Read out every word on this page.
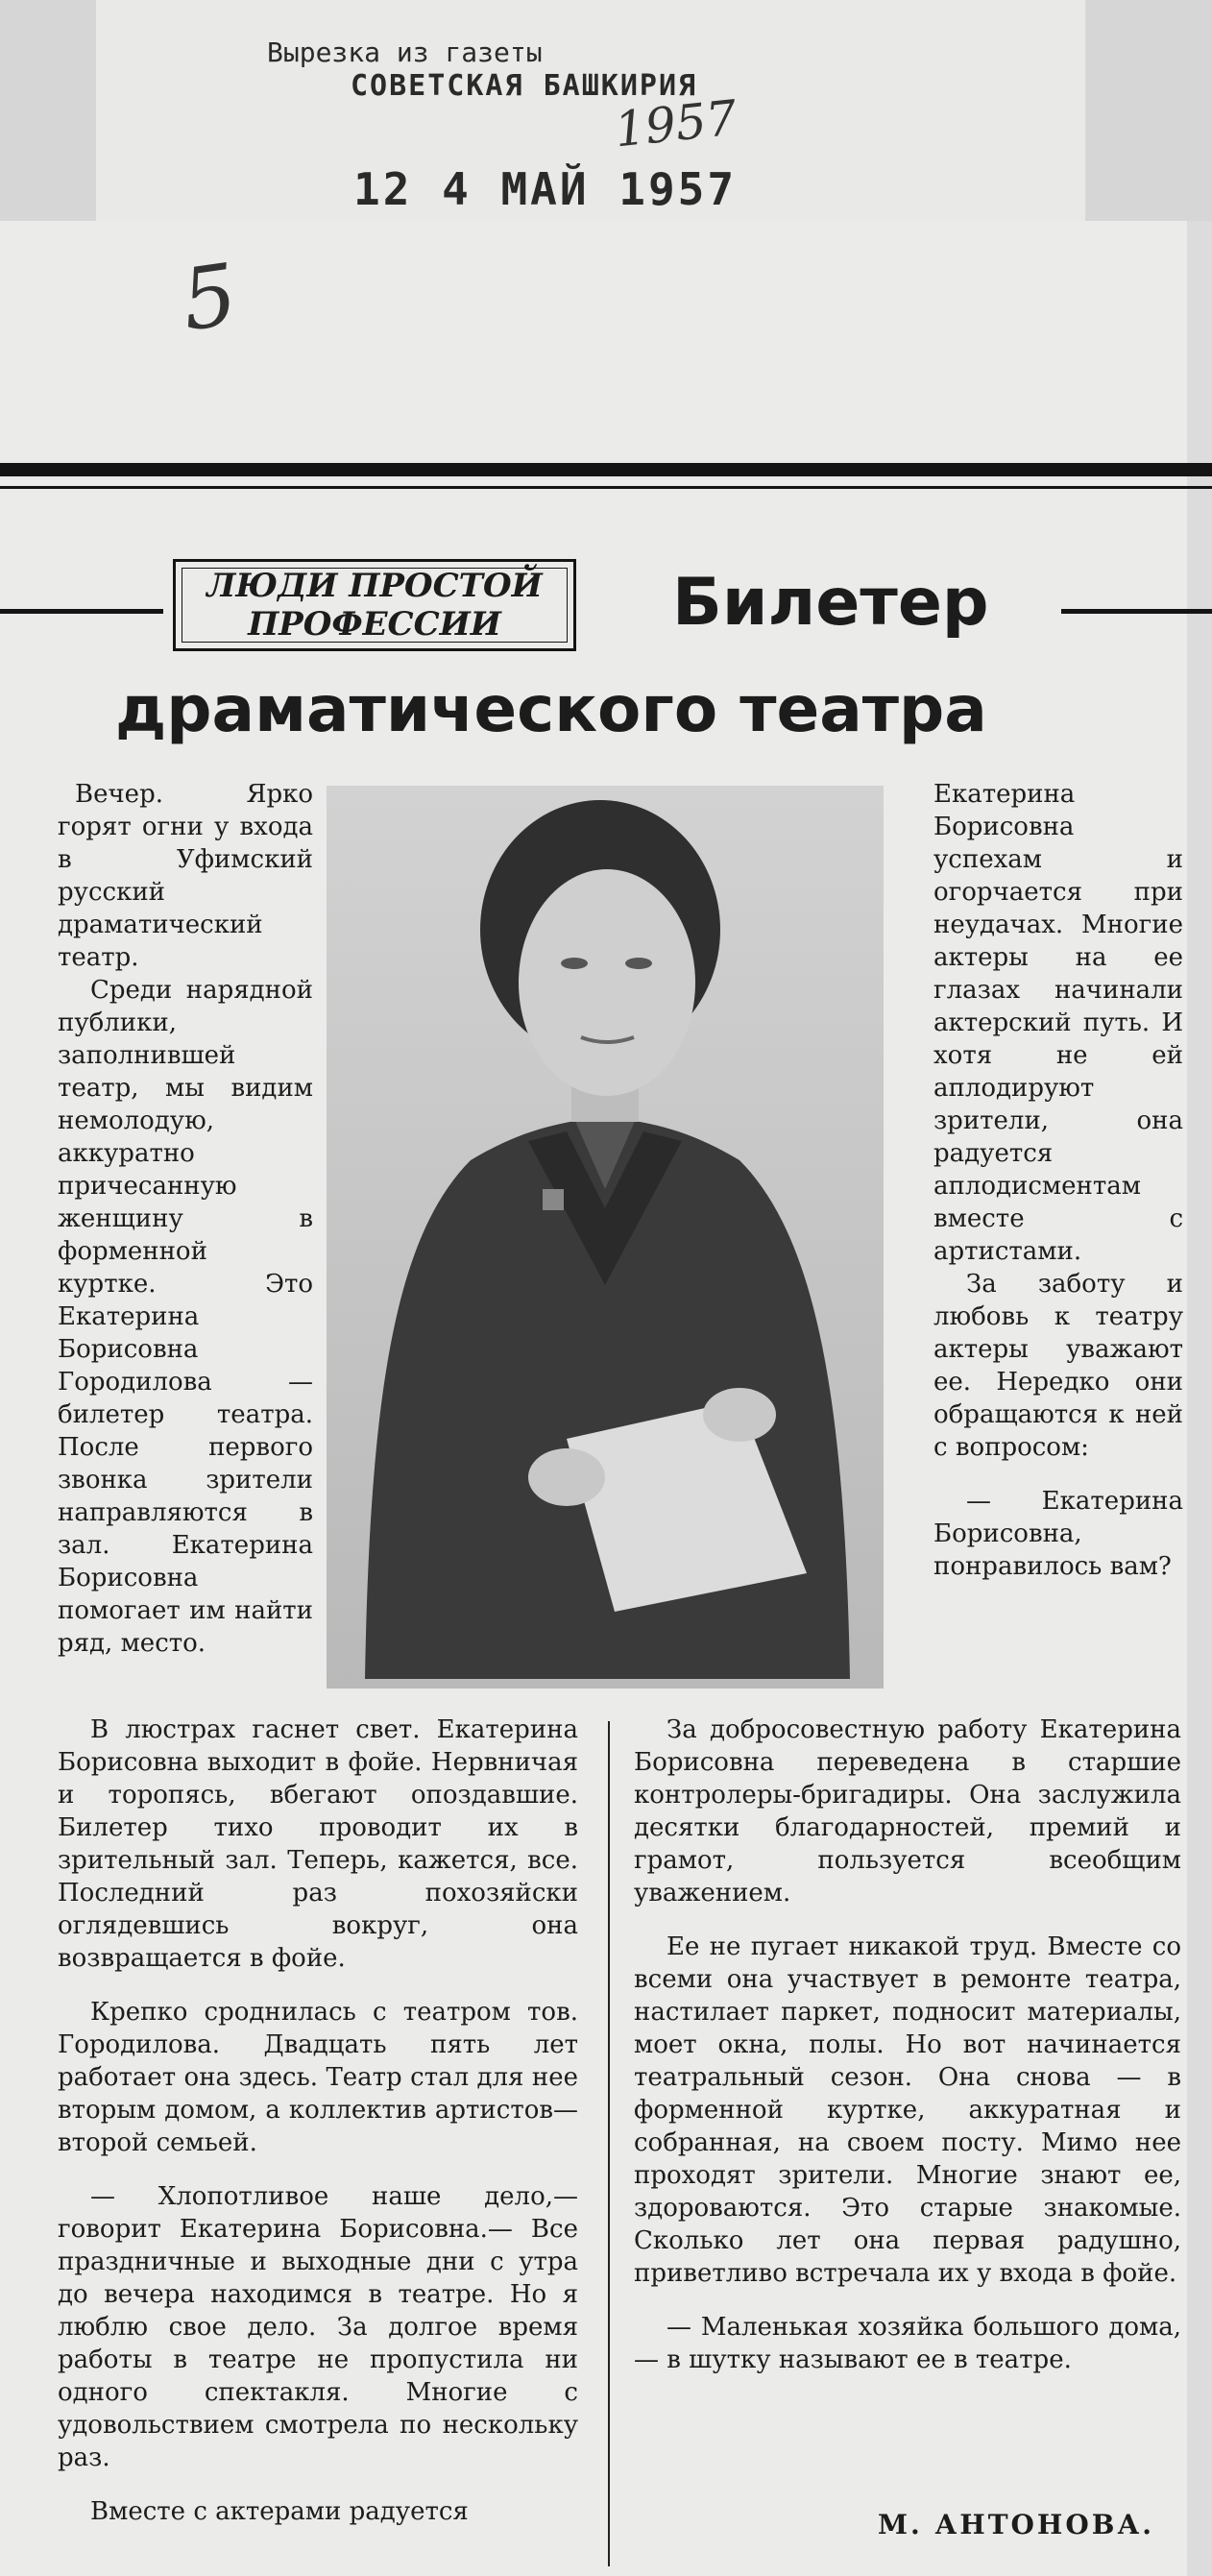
Вырезка из газеты
СОВЕТСКАЯ БАШКИРИЯ
12 4 МАЙ 1957
1957
5
ЛЮДИ ПРОСТОЙ
ПРОФЕССИИ	Билетер
драматического театра

Вечер. Ярко горят огни у входа в Уфимский русский драматический театр.

Среди нарядной публики, заполнившей театр, мы видим немолодую, аккуратно причесанную женщину в форменной куртке. Это Екатерина Борисовна Городилова — билетер театра. После первого звонка зрители направляются в зал. Екатерина Борисовна помогает им найти ряд, место.

Екатерина Борисовна успехам и огорчается при неудачах. Многие актеры на ее глазах начинали актерский путь. И хотя не ей аплодируют зрители, она радуется аплодисментам вместе с артистами.

За заботу и любовь к театру актеры уважают ее. Нередко они обращаются к ней с вопросом:

— Екатерина Борисовна, понравилось вам?

В люстрах гаснет свет. Екатерина Борисовна выходит в фойе. Нервничая и торопясь, вбегают опоздавшие. Билетер тихо проводит их в зрительный зал. Теперь, кажется, все. Последний раз похозяйски оглядевшись вокруг, она возвращается в фойе.

Крепко сроднилась с театром тов. Городилова. Двадцать пять лет работает она здесь. Театр стал для нее вторым домом, а коллектив артистов—второй семьей.

— Хлопотливое наше дело,— говорит Екатерина Борисовна.— Все праздничные и выходные дни с утра до вечера находимся в театре. Но я люблю свое дело. За долгое время работы в театре не пропустила ни одного спектакля. Многие с удовольствием смотрела по нескольку раз.

Вместе с актерами радуется

За добросовестную работу Екатерина Борисовна переведена в старшие контролеры-бригадиры. Она заслужила десятки благодарностей, премий и грамот, пользуется всеобщим уважением.

Ее не пугает никакой труд. Вместе со всеми она участвует в ремонте театра, настилает паркет, подносит материалы, моет окна, полы. Но вот начинается театральный сезон. Она снова — в форменной куртке, аккуратная и собранная, на своем посту. Мимо нее проходят зрители. Многие знают ее, здороваются. Это старые знакомые. Сколько лет она первая радушно, приветливо встречала их у входа в фойе.

— Маленькая хозяйка большого дома,— в шутку называют ее в театре.

М. АНТОНОВА.
